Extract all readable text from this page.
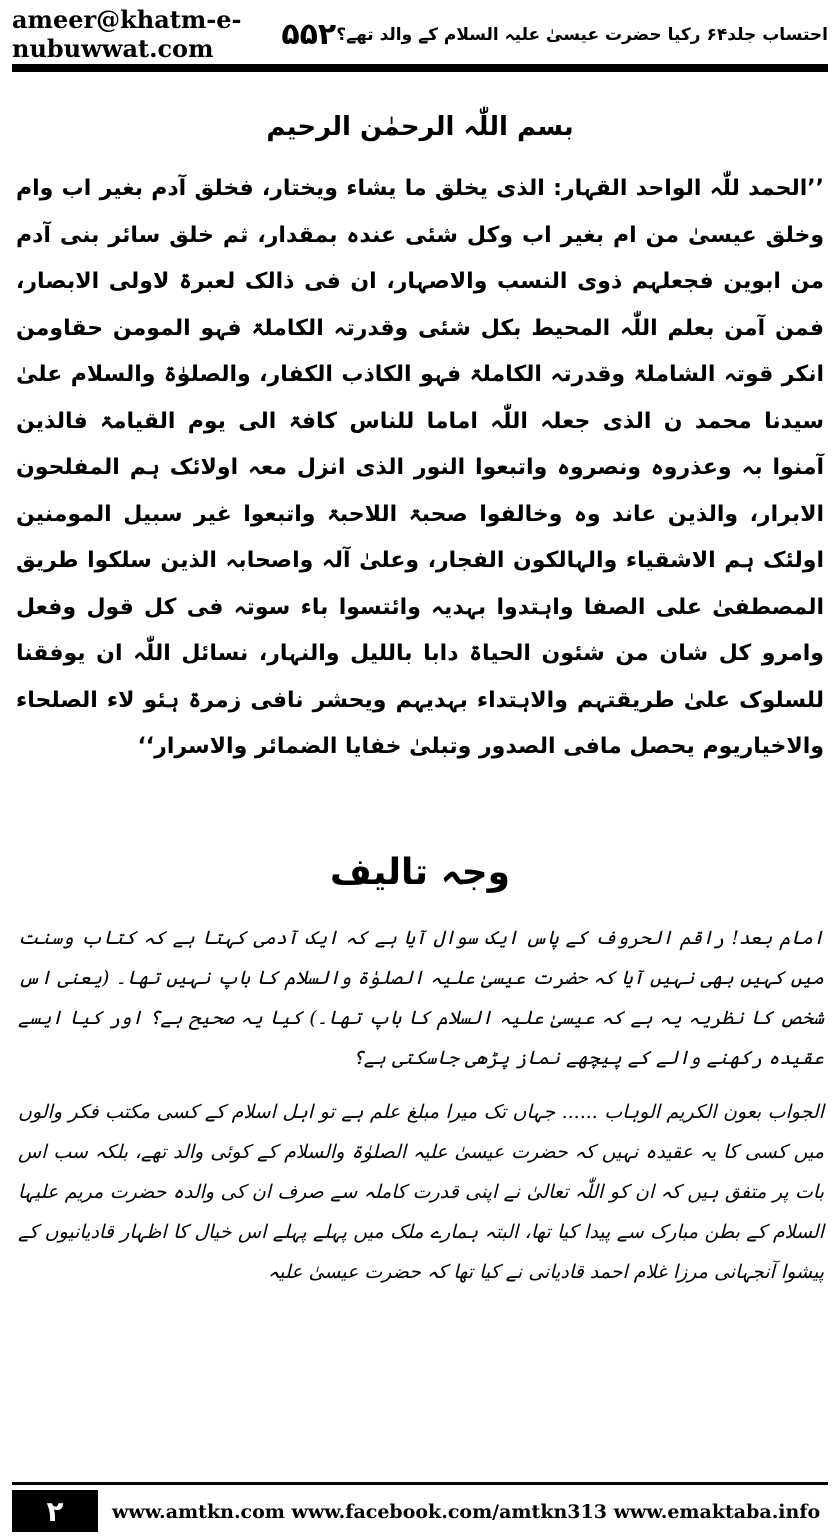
ameer@khatm-e-nubuwwat.com	۵۵۲ احتساب جلد۶۴ رکیا حضرت عیسیٰ علیہ السلام کے والد تھے؟
بسم اللّٰہ الرحمٰن الرحیم
’’الحمد للّٰہ الواحد القہار: الذی یخلق ما یشاء ویختار، فخلق آدم بغیر اب وام وخلق عیسیٰ من ام بغیر اب وکل شئی عندہ بمقدار، ثم خلق سائر بنی آدم من ابوین فجعلہم ذوی النسب والاصہار، ان فی ذالک لعبرۃ لاولی الابصار، فمن آمن بعلم اللّٰہ المحیط بکل شئی وقدرتہ الکاملۃ فہو المومن حقاومن انکر قوتہ الشاملۃ وقدرتہ الکاملۃ فہو الکاذب الکفار، والصلوٰۃ والسلام علیٰ سیدنا محمد ن الذی جعلہ اللّٰہ اماما للناس کافۃ الی یوم القیامۃ فالذین آمنوا بہ وعذروہ ونصروہ واتبعوا النور الذی انزل معہ اولائک ہم المفلحون الابرار، والذین عاند وہ وخالفوا صحبۃ اللاحبۃ واتبعوا غیر سبیل المومنین اولئک ہم الاشقیاء والہالکون الفجار، وعلیٰ آلہ واصحابہ الذین سلکوا طریق المصطفیٰ علی الصفا واہتدوا بہدیہ وائتسوا باء سوتہ فی کل قول وفعل وامرو کل شان من شئون الحیاۃ دابا باللیل والنہار، نسائل اللّٰہ ان یوفقنا للسلوک علیٰ طریقتہم والاہتداء بہدیہم ویحشر نافی زمرۃ ہئو لاء الصلحاء والاخیاریوم یحصل مافی الصدور وتبلیٰ خفایا الضمائر والاسرار‘‘
وجہ تالیف
امام بعد! راقم الحروف کے پاس ایک سوال آیا ہے کہ ایک آدمی کہتا ہے کہ کتاب وسنت میں کہیں بھی نہیں آیا کہ حضرت عیسیٰ علیہ الصلوٰۃ والسلام کا باپ نہیں تھا۔ (یعنی اس شخص کا نظریہ یہ ہے کہ عیسیٰ علیہ السلام کا باپ تھا۔) کیا یہ صحیح ہے؟ اور کیا ایسے عقیدہ رکھنے والے کے پیچھے نماز پڑھی جاسکتی ہے؟
الجواب بعون الکریم الوہاب ...... جہاں تک میرا مبلغ علم ہے تو اہل اسلام کے کسی مکتب فکر والوں میں کسی کا یہ عقیدہ نہیں کہ حضرت عیسیٰ علیہ الصلوٰۃ والسلام کے کوئی والد تھے، بلکہ سب اس بات پر متفق ہیں کہ ان کو اللّٰہ تعالیٰ نے اپنی قدرت کاملہ سے صرف ان کی والدہ حضرت مریم علیہا السلام کے بطن مبارک سے پیدا کیا تھا، البتہ ہمارے ملک میں پہلے پہلے اس خیال کا اظہار قادیانیوں کے پیشوا آنجہانی مرزا غلام احمد قادیانی نے کیا تھا کہ حضرت عیسیٰ علیہ
۲	www.amtkn.com www.facebook.com/amtkn313 www.emaktaba.info
